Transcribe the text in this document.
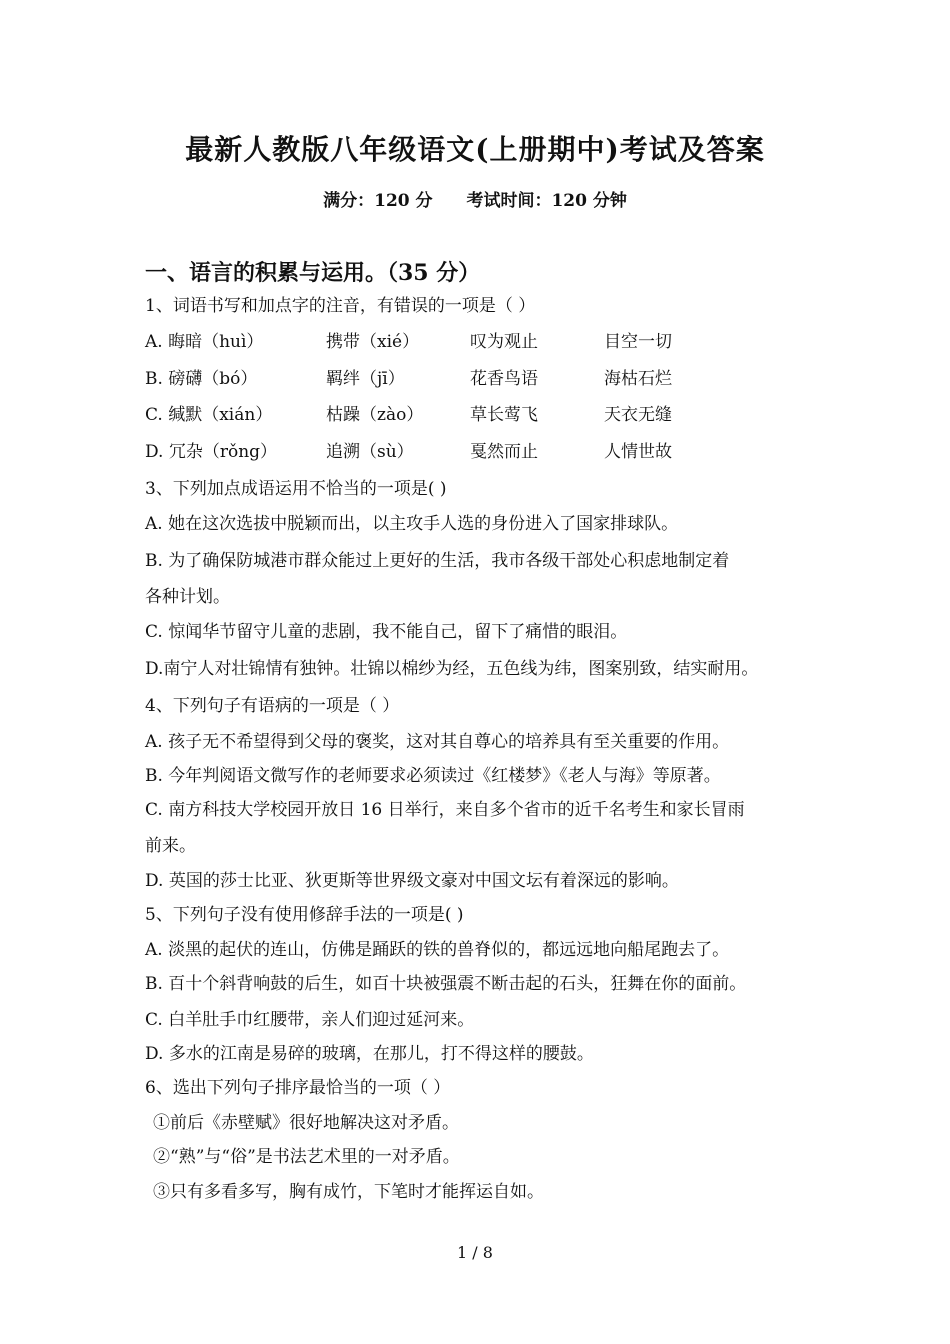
最新人教版八年级语文(上册期中)考试及答案
满分：120 分 考试时间：120 分钟
一、语言的积累与运用。（35 分）
1、词语书写和加点字的注音，有错误的一项是（ ）
A. 晦暗（huì）	携带（xié）	叹为观止	目空一切
B. 磅礴（bó）	羁绊（jī）	花香鸟语	海枯石烂
C. 缄默（xián）	枯躁（zào）	草长莺飞	天衣无缝
D. 冗杂（rǒng）	追溯（sù）	戛然而止	人情世故
3、下列加点成语运用不恰当的一项是( )
A. 她在这次选拔中脱颖而出，以主攻手人选的身份进入了国家排球队。
B. 为了确保防城港市群众能过上更好的生活，我市各级干部处心积虑地制定着
各种计划。
C. 惊闻华节留守儿童的悲剧，我不能自己，留下了痛惜的眼泪。
D.南宁人对壮锦情有独钟。壮锦以棉纱为经，五色线为纬，图案别致，结实耐用。
4、下列句子有语病的一项是（ ）
A. 孩子无不希望得到父母的褒奖，这对其自尊心的培养具有至关重要的作用。
B. 今年判阅语文微写作的老师要求必须读过《红楼梦》《老人与海》等原著。
C. 南方科技大学校园开放日 16 日举行，来自多个省市的近千名考生和家长冒雨
前来。
D. 英国的莎士比亚、狄更斯等世界级文豪对中国文坛有着深远的影响。
5、下列句子没有使用修辞手法的一项是( )
A. 淡黑的起伏的连山，仿佛是踊跃的铁的兽脊似的，都远远地向船尾跑去了。
B. 百十个斜背响鼓的后生，如百十块被强震不断击起的石头，狂舞在你的面前。
C. 白羊肚手巾红腰带，亲人们迎过延河来。
D. 多水的江南是易碎的玻璃，在那儿，打不得这样的腰鼓。
6、选出下列句子排序最恰当的一项（ ）
①前后《赤壁赋》很好地解决这对矛盾。
②“熟”与“俗”是书法艺术里的一对矛盾。
③只有多看多写，胸有成竹，下笔时才能挥运自如。
1 / 8
